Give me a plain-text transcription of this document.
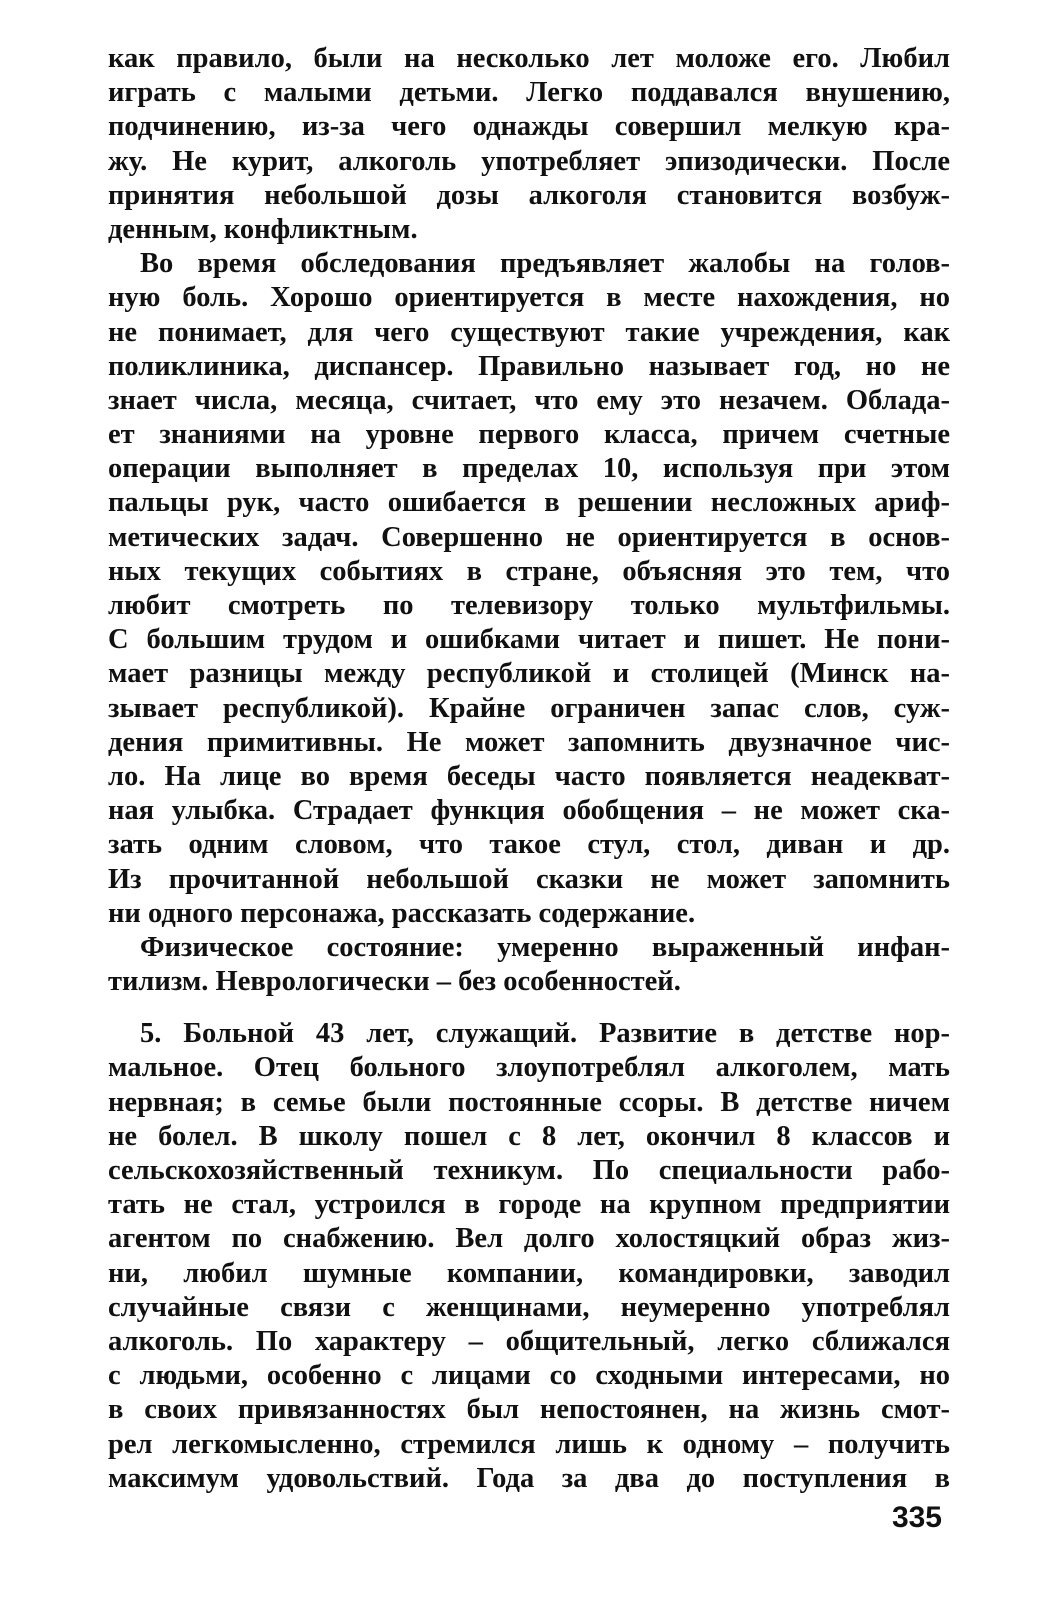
как правило, были на несколько лет моложе его. Любил
играть с малыми детьми. Легко поддавался внушению,
подчинению, из-за чего однажды совершил мелкую кра-
жу. Не курит, алкоголь употребляет эпизодически. После
принятия небольшой дозы алкоголя становится возбуж-
денным, конфликтным.
Во время обследования предъявляет жалобы на голов-
ную боль. Хорошо ориентируется в месте нахождения, но
не понимает, для чего существуют такие учреждения, как
поликлиника, диспансер. Правильно называет год, но не
знает числа, месяца, считает, что ему это незачем. Облада-
ет знаниями на уровне первого класса, причем счетные
операции выполняет в пределах 10, используя при этом
пальцы рук, часто ошибается в решении несложных ариф-
метических задач. Совершенно не ориентируется в основ-
ных текущих событиях в стране, объясняя это тем, что
любит смотреть по телевизору только мультфильмы.
С большим трудом и ошибками читает и пишет. Не пони-
мает разницы между республикой и столицей (Минск на-
зывает республикой). Крайне ограничен запас слов, суж-
дения примитивны. Не может запомнить двузначное чис-
ло. На лице во время беседы часто появляется неадекват-
ная улыбка. Страдает функция обобщения – не может ска-
зать одним словом, что такое стул, стол, диван и др.
Из прочитанной небольшой сказки не может запомнить
ни одного персонажа, рассказать содержание.
Физическое состояние: умеренно выраженный инфан-
тилизм. Неврологически – без особенностей.
5. Больной 43 лет, служащий. Развитие в детстве нор-
мальное. Отец больного злоупотреблял алкоголем, мать
нервная; в семье были постоянные ссоры. В детстве ничем
не болел. В школу пошел с 8 лет, окончил 8 классов и
сельскохозяйственный техникум. По специальности рабо-
тать не стал, устроился в городе на крупном предприятии
агентом по снабжению. Вел долго холостяцкий образ жиз-
ни, любил шумные компании, командировки, заводил
случайные связи с женщинами, неумеренно употреблял
алкоголь. По характеру – общительный, легко сближался
с людьми, особенно с лицами со сходными интересами, но
в своих привязанностях был непостоянен, на жизнь смот-
рел легкомысленно, стремился лишь к одному – получить
максимум удовольствий. Года за два до поступления в
335
